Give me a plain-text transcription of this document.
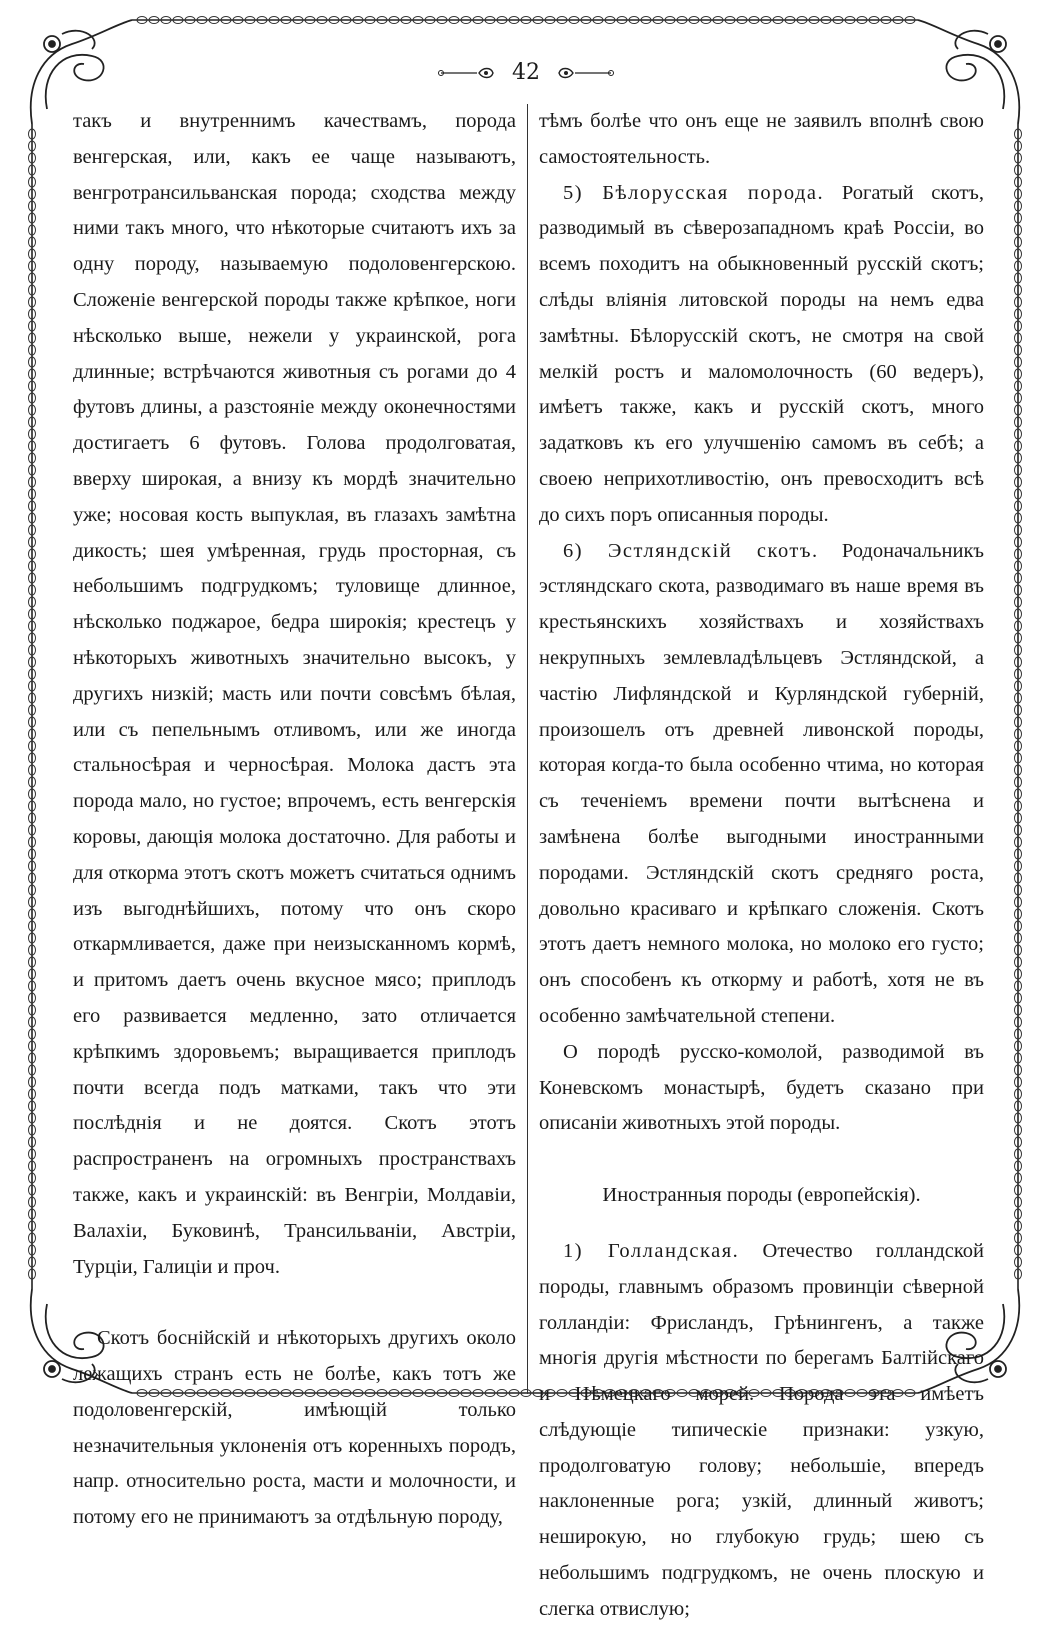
42

такъ и внутреннимъ качествамъ, порода венгерская, или, какъ ее чаще называютъ, венгротрансильванская порода; сходства между ними такъ много, что нѣкоторые считаютъ ихъ за одну породу, называемую подоловенгерскою. Сложеніе венгерской породы также крѣпкое, ноги нѣсколько выше, нежели у украинской, рога длинные; встрѣчаются животныя съ рогами до 4 футовъ длины, а разстояніе между оконечностями достигаетъ 6 футовъ. Голова продолговатая, вверху широкая, а внизу къ мордѣ значительно уже; носовая кость выпуклая, въ глазахъ замѣтна дикость; шея умѣренная, грудь просторная, съ небольшимъ подгрудкомъ; туловище длинное, нѣсколько поджарое, бедра широкія; крестецъ у нѣкоторыхъ животныхъ значительно высокъ, у другихъ низкій; масть или почти совсѣмъ бѣлая, или съ пепельнымъ отливомъ, или же иногда стальносѣрая и черносѣрая. Молока дастъ эта порода мало, но густое; впрочемъ, есть венгерскія коровы, дающія молока достаточно. Для работы и для откорма этотъ скотъ можетъ считаться однимъ изъ выгоднѣйшихъ, потому что онъ скоро откармливается, даже при неизысканномъ кормѣ, и притомъ даетъ очень вкусное мясо; приплодъ его развивается медленно, зато отличается крѣпкимъ здоровьемъ; выращивается приплодъ почти всегда подъ матками, такъ что эти послѣднія и не доятся. Скотъ этотъ распространенъ на огромныхъ пространствахъ также, какъ и украинскій: въ Венгріи, Молдавіи, Валахіи, Буковинѣ, Трансильваніи, Австріи, Турціи, Галиціи и проч.

Скотъ боснійскій и нѣкоторыхъ другихъ около лежащихъ странъ есть не болѣе, какъ тотъ же подоловенгерскій, имѣющій только незначительныя уклоненія отъ коренныхъ породъ, напр. относительно роста, масти и молочности, и потому его не принимаютъ за отдѣльную породу,

тѣмъ болѣе что онъ еще не заявилъ вполнѣ свою самостоятельность.

5) Бѣлорусская порода. Рогатый скотъ, разводимый въ сѣверозападномъ краѣ Россіи, во всемъ походитъ на обыкновенный русскій скотъ; слѣды вліянія литовской породы на немъ едва замѣтны. Бѣлорусскій скотъ, не смотря на свой мелкій ростъ и маломолочность (60 ведеръ), имѣетъ также, какъ и русскій скотъ, много задатковъ къ его улучшенію самомъ въ себѣ; а своею неприхотливостію, онъ превосходитъ всѣ до сихъ поръ описанныя породы.

6) Эстляндскій скотъ. Родоначальникъ эстляндскаго скота, разводимаго въ наше время въ крестьянскихъ хозяйствахъ и хозяйствахъ некрупныхъ землевладѣльцевъ Эстляндской, а частію Лифляндской и Курляндской губерній, произошелъ отъ древней ливонской породы, которая когда-то была особенно чтима, но которая съ теченіемъ времени почти вытѣснена и замѣнена болѣе выгодными иностранными породами. Эстляндскій скотъ средняго роста, довольно красиваго и крѣпкаго сложенія. Скотъ этотъ даетъ немного молока, но молоко его густо; онъ способенъ къ откорму и работѣ, хотя не въ особенно замѣчательной степени.

О породѣ русско-комолой, разводимой въ Коневскомъ монастырѣ, будетъ сказано при описаніи животныхъ этой породы.

Иностранныя породы (европейскія).

1) Голландская. Отечество голландской породы, главнымъ образомъ провинціи сѣверной голландіи: Фрисландъ, Грѣнингенъ, а также многія другія мѣстности по берегамъ Балтійскаго и Нѣмецкаго морей. Порода эта имѣетъ слѣдующіе типическіе признаки: узкую, продолговатую голову; небольшіе, впередъ наклоненные рога; узкій, длинный животъ; неширокую, но глубокую грудь; шею съ небольшимъ подгрудкомъ, не очень плоскую и слегка отвислую;
